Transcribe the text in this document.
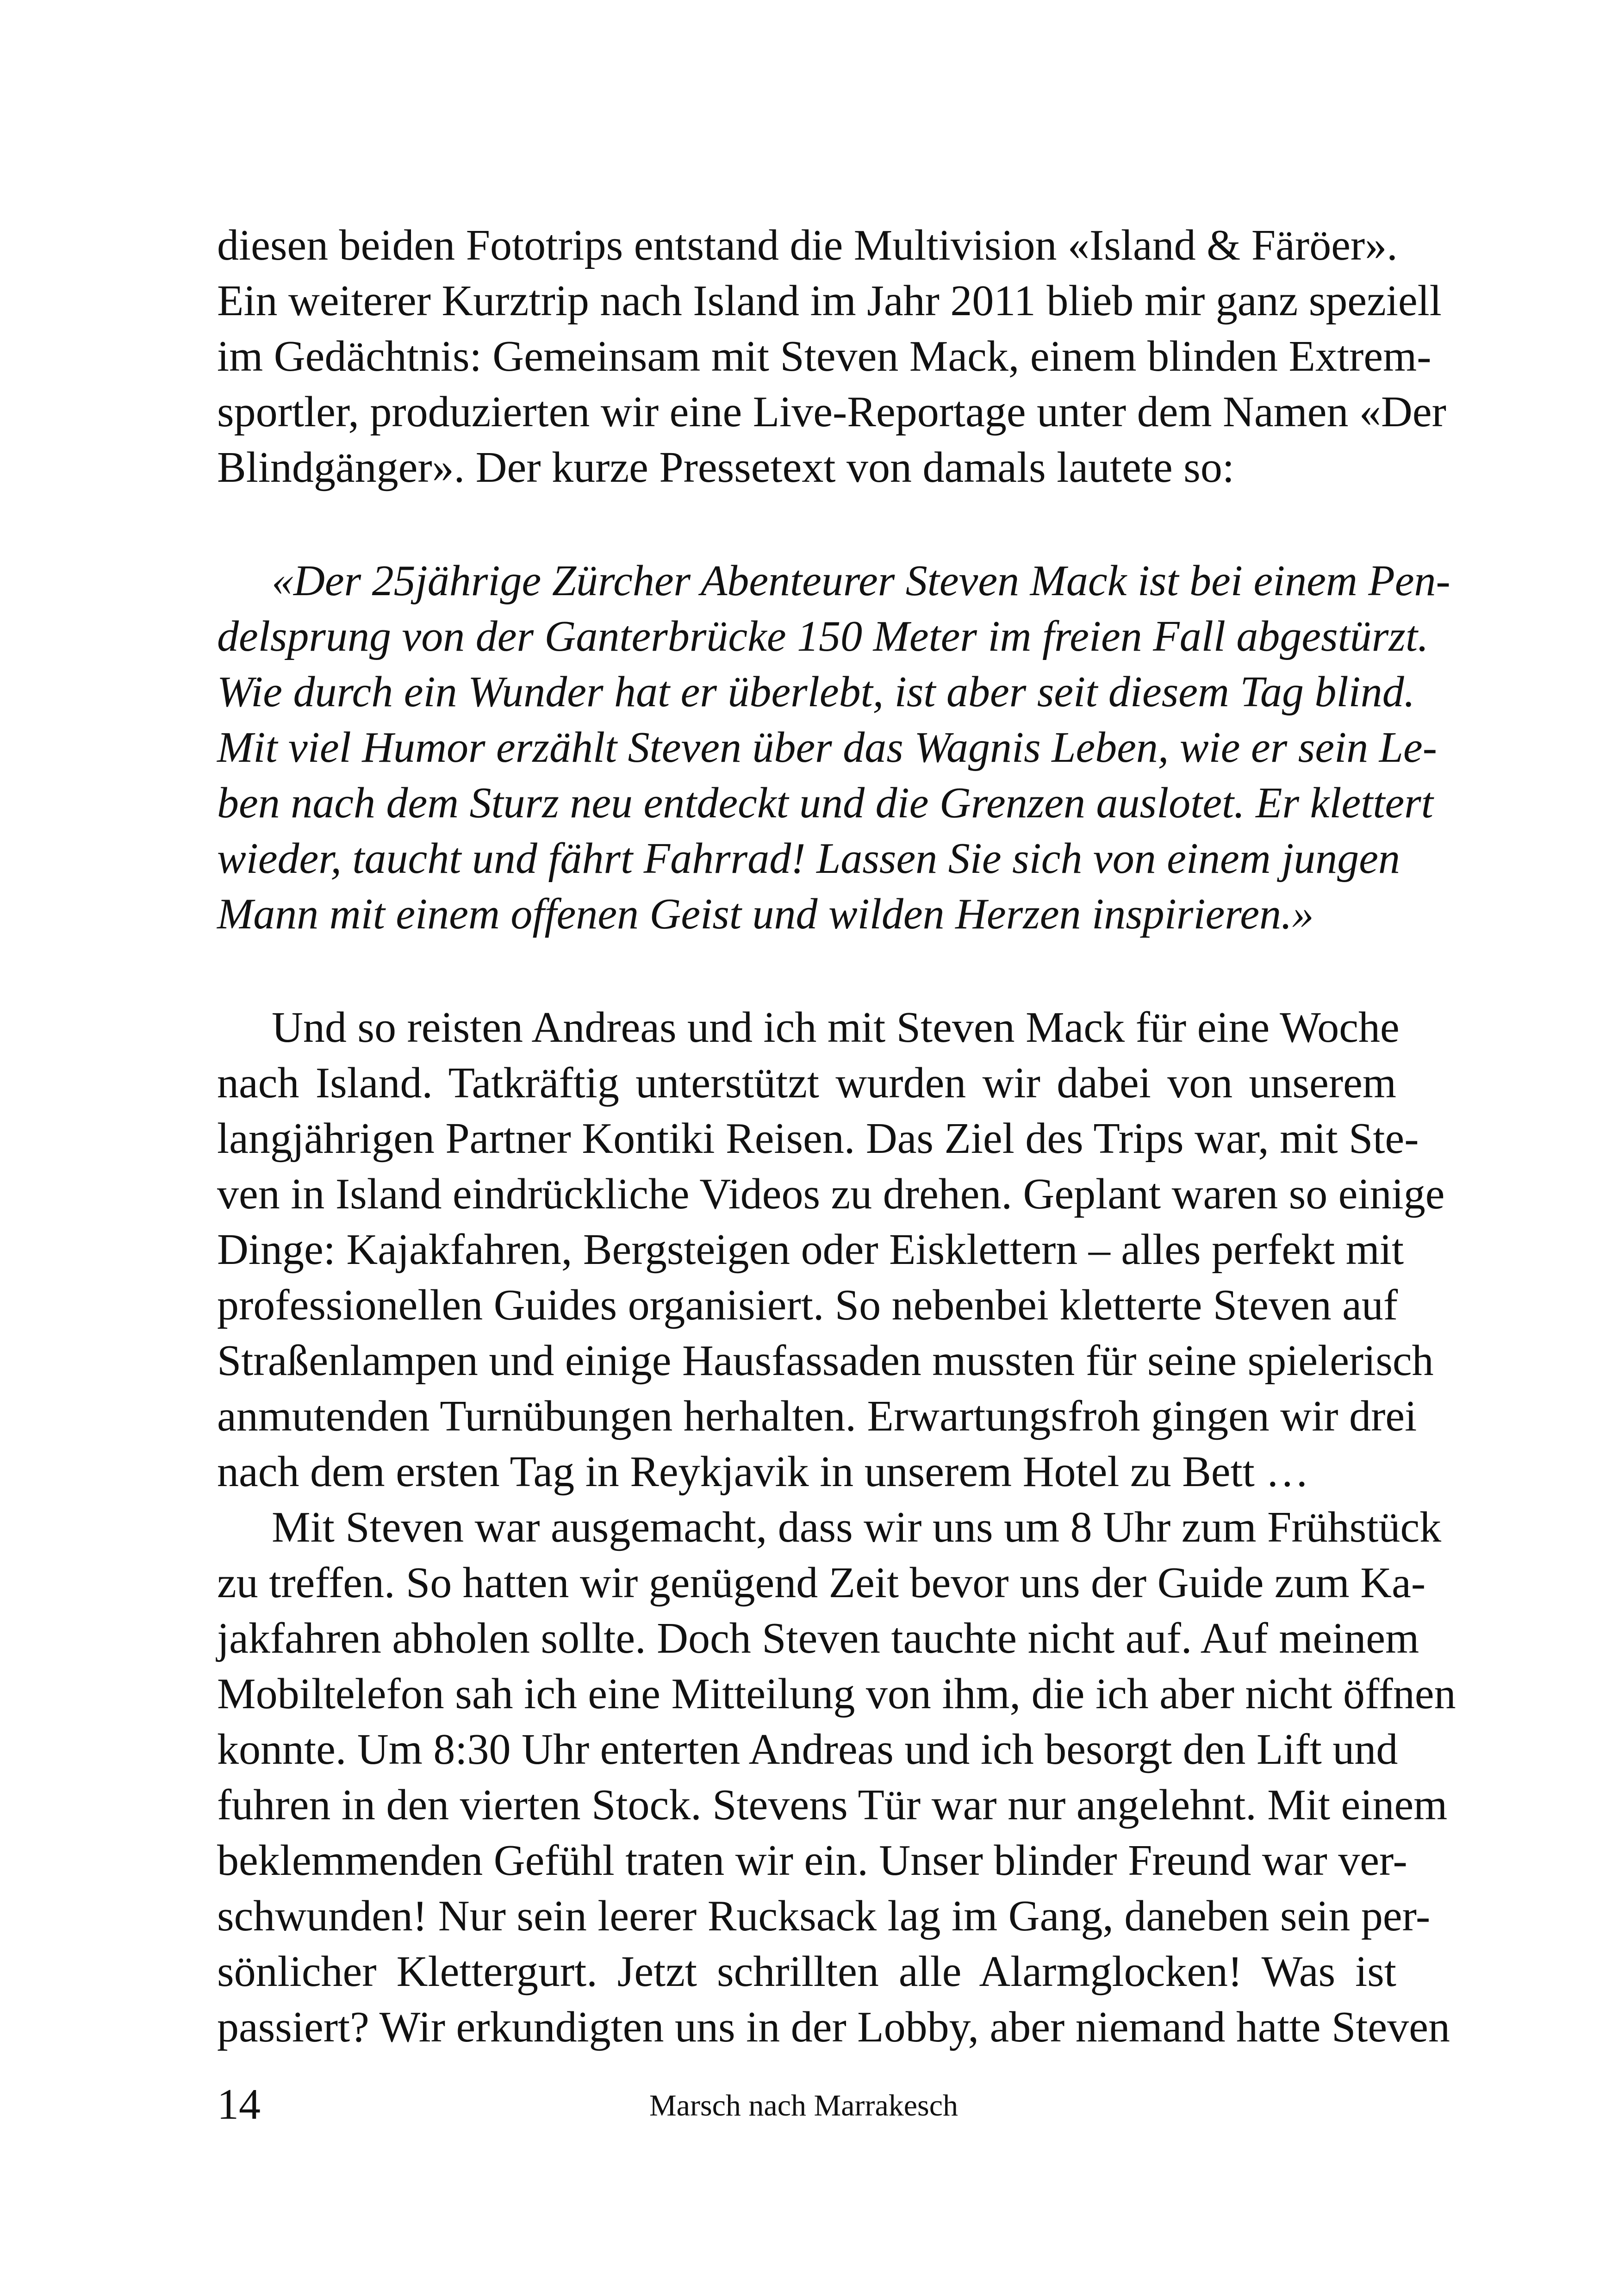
diesen beiden Fototrips entstand die Multivision «Island & Färöer».
Ein weiterer Kurztrip nach Island im Jahr 2011 blieb mir ganz speziell
im Gedächtnis: Gemeinsam mit Steven Mack, einem blinden Extrem-
sportler, produzierten wir eine Live-Reportage unter dem Namen «Der
Blindgänger». Der kurze Pressetext von damals lautete so:
«Der 25jährige Zürcher Abenteurer Steven Mack ist bei einem Pen-
delsprung von der Ganterbrücke 150 Meter im freien Fall abgestürzt.
Wie durch ein Wunder hat er überlebt, ist aber seit diesem Tag blind.
Mit viel Humor erzählt Steven über das Wagnis Leben, wie er sein Le-
ben nach dem Sturz neu entdeckt und die Grenzen auslotet. Er klettert
wieder, taucht und fährt Fahrrad! Lassen Sie sich von einem jungen
Mann mit einem offenen Geist und wilden Herzen inspirieren.»
Und so reisten Andreas und ich mit Steven Mack für eine Woche
nach Island. Tatkräftig unterstützt wurden wir dabei von unserem
langjährigen Partner Kontiki Reisen. Das Ziel des Trips war, mit Ste-
ven in Island eindrückliche Videos zu drehen. Geplant waren so einige
Dinge: Kajakfahren, Bergsteigen oder Eisklettern – alles perfekt mit
professionellen Guides organisiert. So nebenbei kletterte Steven auf
Straßenlampen und einige Hausfassaden mussten für seine spielerisch
anmutenden Turnübungen herhalten. Erwartungsfroh gingen wir drei
nach dem ersten Tag in Reykjavik in unserem Hotel zu Bett …
Mit Steven war ausgemacht, dass wir uns um 8 Uhr zum Frühstück
zu treffen. So hatten wir genügend Zeit bevor uns der Guide zum Ka-
jakfahren abholen sollte. Doch Steven tauchte nicht auf. Auf meinem
Mobiltelefon sah ich eine Mitteilung von ihm, die ich aber nicht öffnen
konnte. Um 8:30 Uhr enterten Andreas und ich besorgt den Lift und
fuhren in den vierten Stock. Stevens Tür war nur angelehnt. Mit einem
beklemmenden Gefühl traten wir ein. Unser blinder Freund war ver-
schwunden! Nur sein leerer Rucksack lag im Gang, daneben sein per-
sönlicher Klettergurt. Jetzt schrillten alle Alarmglocken! Was ist
passiert? Wir erkundigten uns in der Lobby, aber niemand hatte Steven
14	Marsch nach Marrakesch
